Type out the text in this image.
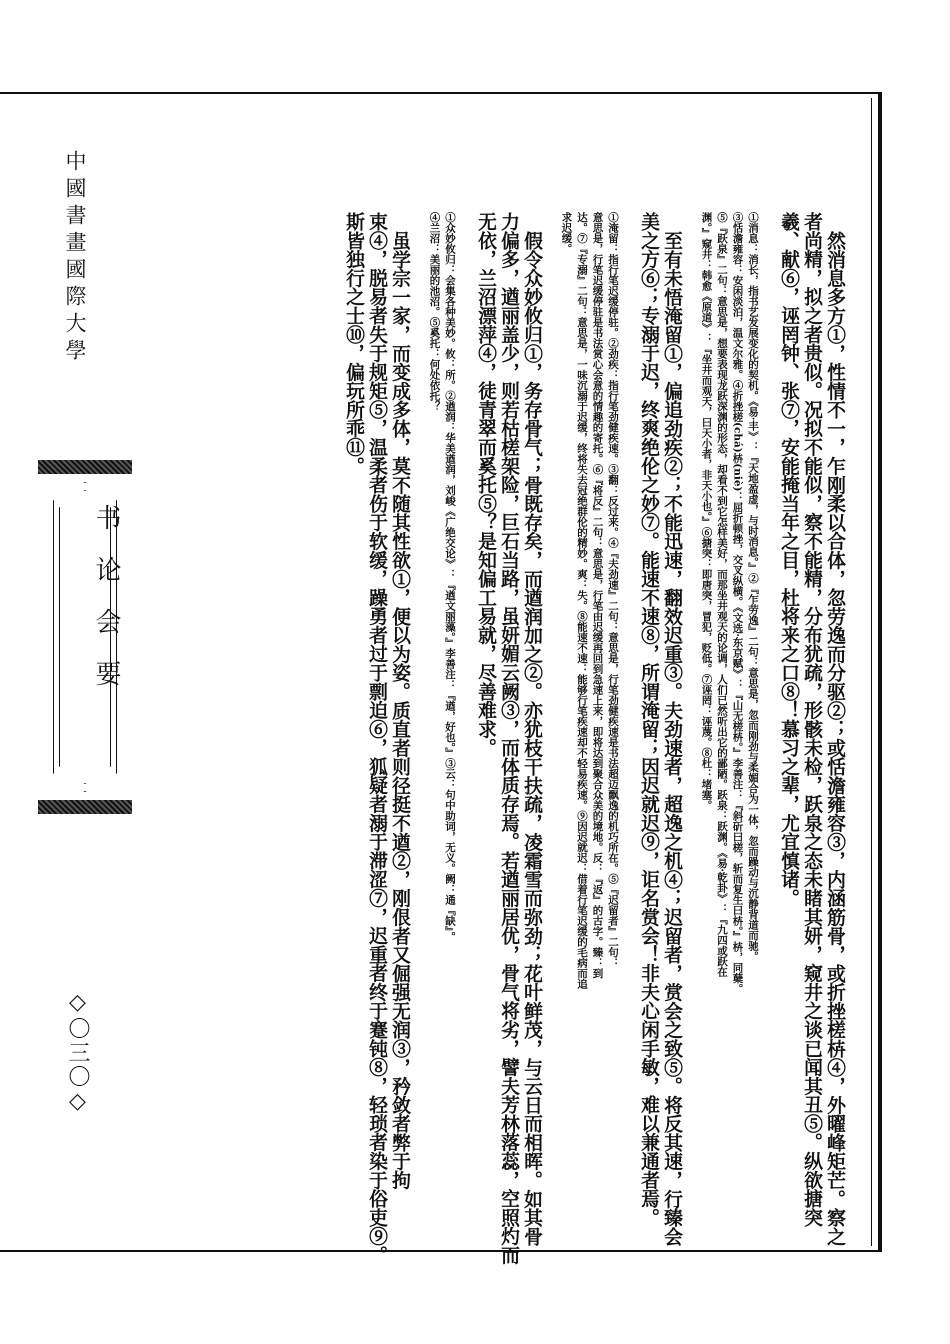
中國書畫國際大學
书论会要
◇〇三〇◇	然消息多方①，性情不一，乍刚柔以合体，忽劳逸而分驱②；或恬澹雍容③，内涵筋骨，或折挫槎枿④，外曜峰矩芒。察之
者尚精，拟之者贵似。况拟不能似，察不能精，分布犹疏，形骸未检，跃泉之态未睹其妍，窥井之谈已闻其丑⑤。纵欲搪突
羲、献⑥，诬罔钟、张⑦，安能掩当年之目，杜将来之口⑧！慕习之辈，尤宜慎诸。
①消息：消长，指书艺发展变化的契机。《易·丰》：『天地盈虚，与时消息。』②『乍劳逸』二句：意思是，忽而刚劲与柔媚合为一体，忽而躁动与沉静背道而驰。
③恬澹雍容：安闲淡泊，温文尔雅。④折挫槎(chá)枿(niè)：屈折顿挫，交叉纵横。《文选·东京赋》：『山无槎枿。』李善注：『斜斫曰槎，斩而复生曰枿。』枿，同蘖。
⑤『跃泉』二句：意思是，想要表现龙跃深渊的形态，却看不到它怎样美好，而那坐井观天的论调，人们已然听出它的鄙陋。跃泉：跃渊。《易·乾卦》：『九四或跃在
渊。』窥井：韩愈《原道》：『坐井而观天，曰天小者，非天小也。』⑥搪突：即唐突，冒犯，贬低。⑦诬罔：诬蔑。⑧杜：堵塞。
至有未悟淹留①，偏追劲疾②；不能迅速，翻效迟重③。夫劲速者，超逸之机④；迟留者，赏会之致⑤。将反其速，行臻会
美之方⑥；专溺于迟，终爽绝伦之妙⑦。能速不速⑧，所谓淹留；因迟就迟⑨，讵名赏会！非夫心闲手敏，难以兼通者焉。
①淹留：指行笔迟缓停驻。②劲疾：指行笔劲健疾速。③翻：反过来。④『夫劲速』二句：意思是，行笔劲健疾速是书法超迈飘逸的机巧所在。⑤『迟留者』二句：
意思是，行笔迟缓停驻是书法赏心会意的情趣的寄托。⑥『将反』二句：意思是，行笔由迟缓再回到急速上来，即将达到聚合众美的境地。反：『返』的古字。臻：到
达。⑦『专溺』二句：意思是，一味沉溺于迟缓，终将失去冠绝群伦的精妙。爽：失。⑧能速不速：能够行笔疾速却不轻易疾速。⑨因迟就迟：借着行笔迟缓的毛病而追
求迟缓。
假令众妙攸归①，务存骨气；骨既存矣，而遒润加之②。亦犹枝干扶疏，凌霜雪而弥劲；花叶鲜茂，与云日而相晖。如其骨
力偏多，遒丽盖少，则若枯槎架险，巨石当路，虽妍媚云阙③，而体质存焉。若遒丽居优，骨气将劣，譬夫芳林落蕊，空照灼而
无依，兰沼漂萍④，徒青翠而奚托⑤？是知偏工易就，尽善难求。
①众妙攸归：会集各种美妙。攸：所。②遒润：华美遒润，刘峻《广绝交论》：『遒文丽藻。』李善注：『遒，好也。』③云：句中助词，无义。阙：通『缺』。
④兰沼：美丽的池沼。⑤奚托：何处依托？
虽学宗一家，而变成多体，莫不随其性欲①，便以为姿。质直者则径挺不遒②，刚佷者又倔强无润③，矜敛者弊于拘
束④，脱易者失于规矩⑤，温柔者伤于软缓，躁勇者过于剽迫⑥，狐疑者溺于滞涩⑦，迟重者终于蹇钝⑧，轻琐者染于俗吏⑨。
斯皆独行之士⑩，偏玩所乖⑪。
